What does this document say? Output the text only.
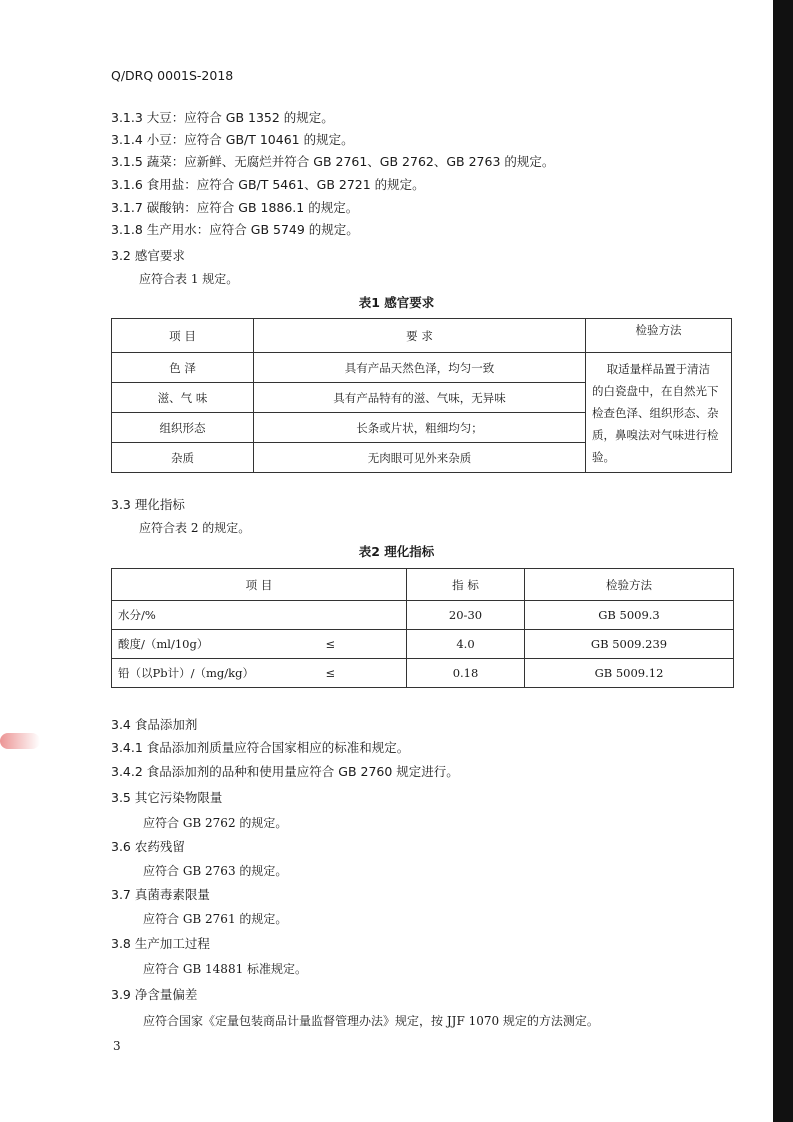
Q/DRQ 0001S-2018
3.1.3 大豆：应符合 GB 1352 的规定。
3.1.4 小豆：应符合 GB/T 10461 的规定。
3.1.5 蔬菜：应新鲜、无腐烂并符合 GB 2761、GB 2762、GB 2763 的规定。
3.1.6 食用盐：应符合 GB/T 5461、GB 2721 的规定。
3.1.7 碳酸钠：应符合 GB 1886.1 的规定。
3.1.8 生产用水：应符合 GB 5749 的规定。
3.2 感官要求
应符合表 1 规定。
表1 感官要求
项 目	要 求	检验方法
色 泽	具有产品天然色泽，均匀一致	取适量样品置于清洁
的白瓷盘中，在自然光下
检查色泽、组织形态、杂
质，鼻嗅法对气味进行检
验。

滋、气 味	具有产品特有的滋、气味，无异味	
组织形态	长条或片状，粗细均匀；	
杂质	无肉眼可见外来杂质	
3.3 理化指标
应符合表 2 的规定。
表2 理化指标
项 目		指 标	检验方法
水分/%		20-30	GB 5009.3
酸度/（ml/10g）	≤	4.0	GB 5009.239
铅（以Pb计）/（mg/kg）	≤	0.18	GB 5009.12
3.4 食品添加剂
3.4.1 食品添加剂质量应符合国家相应的标准和规定。
3.4.2 食品添加剂的品种和使用量应符合 GB 2760 规定进行。
3.5 其它污染物限量
应符合 GB 2762 的规定。
3.6 农药残留
应符合 GB 2763 的规定。
3.7 真菌毒素限量
应符合 GB 2761 的规定。
3.8 生产加工过程
应符合 GB 14881 标准规定。
3.9 净含量偏差
应符合国家《定量包装商品计量监督管理办法》规定，按 JJF 1070 规定的方法测定。
3
